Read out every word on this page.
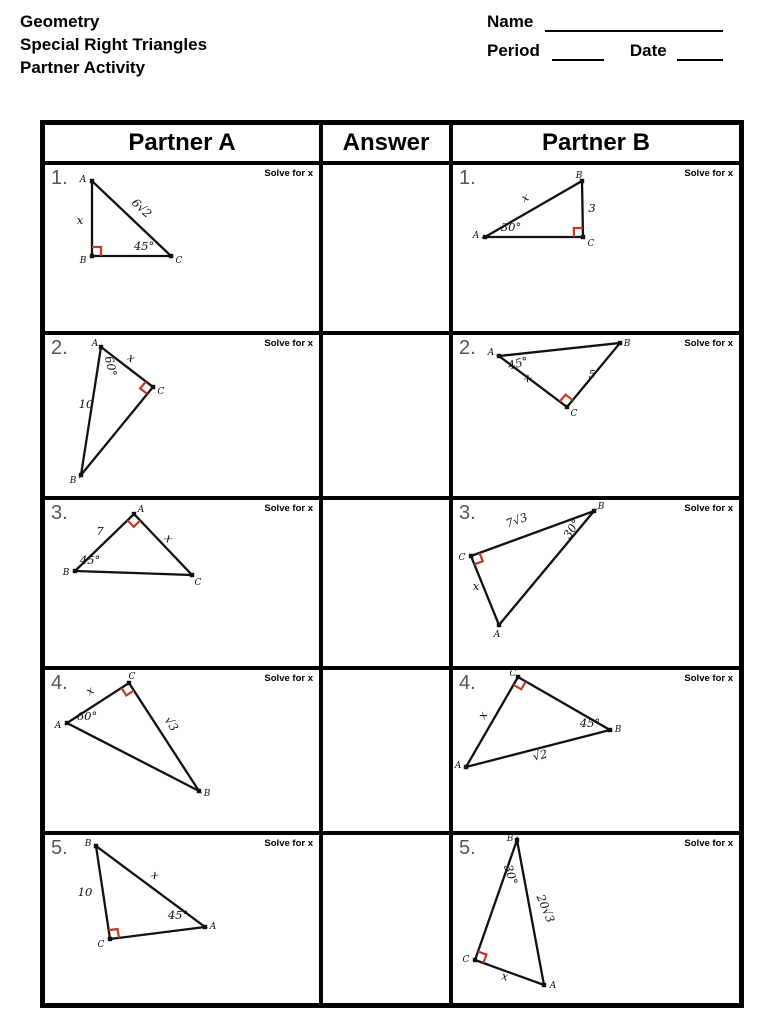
Geometry
Special Right Triangles
Partner Activity
Name
Period	Date
Partner A	Answer	Partner B
1.	Solve for x
A
B	C
6√2
x
45°
1.	Solve for x
A
B
C
x
3
30°
2.	Solve for x
A
C
B
60° x
10
2.	Solve for x
A
B
C
45°
x	5
3.	Solve for x
A
B
C
7	x
45°
3.	Solve for x
C
B
A
7√3	30°
x
4.	Solve for x
C
A
B
x
60°	√3
4.	Solve for x
C
B
A
x
45°
√2
5.	Solve for x
B
C
A
10
x
45°
5.	Solve for x
B
C
A
30°
20√3
x
